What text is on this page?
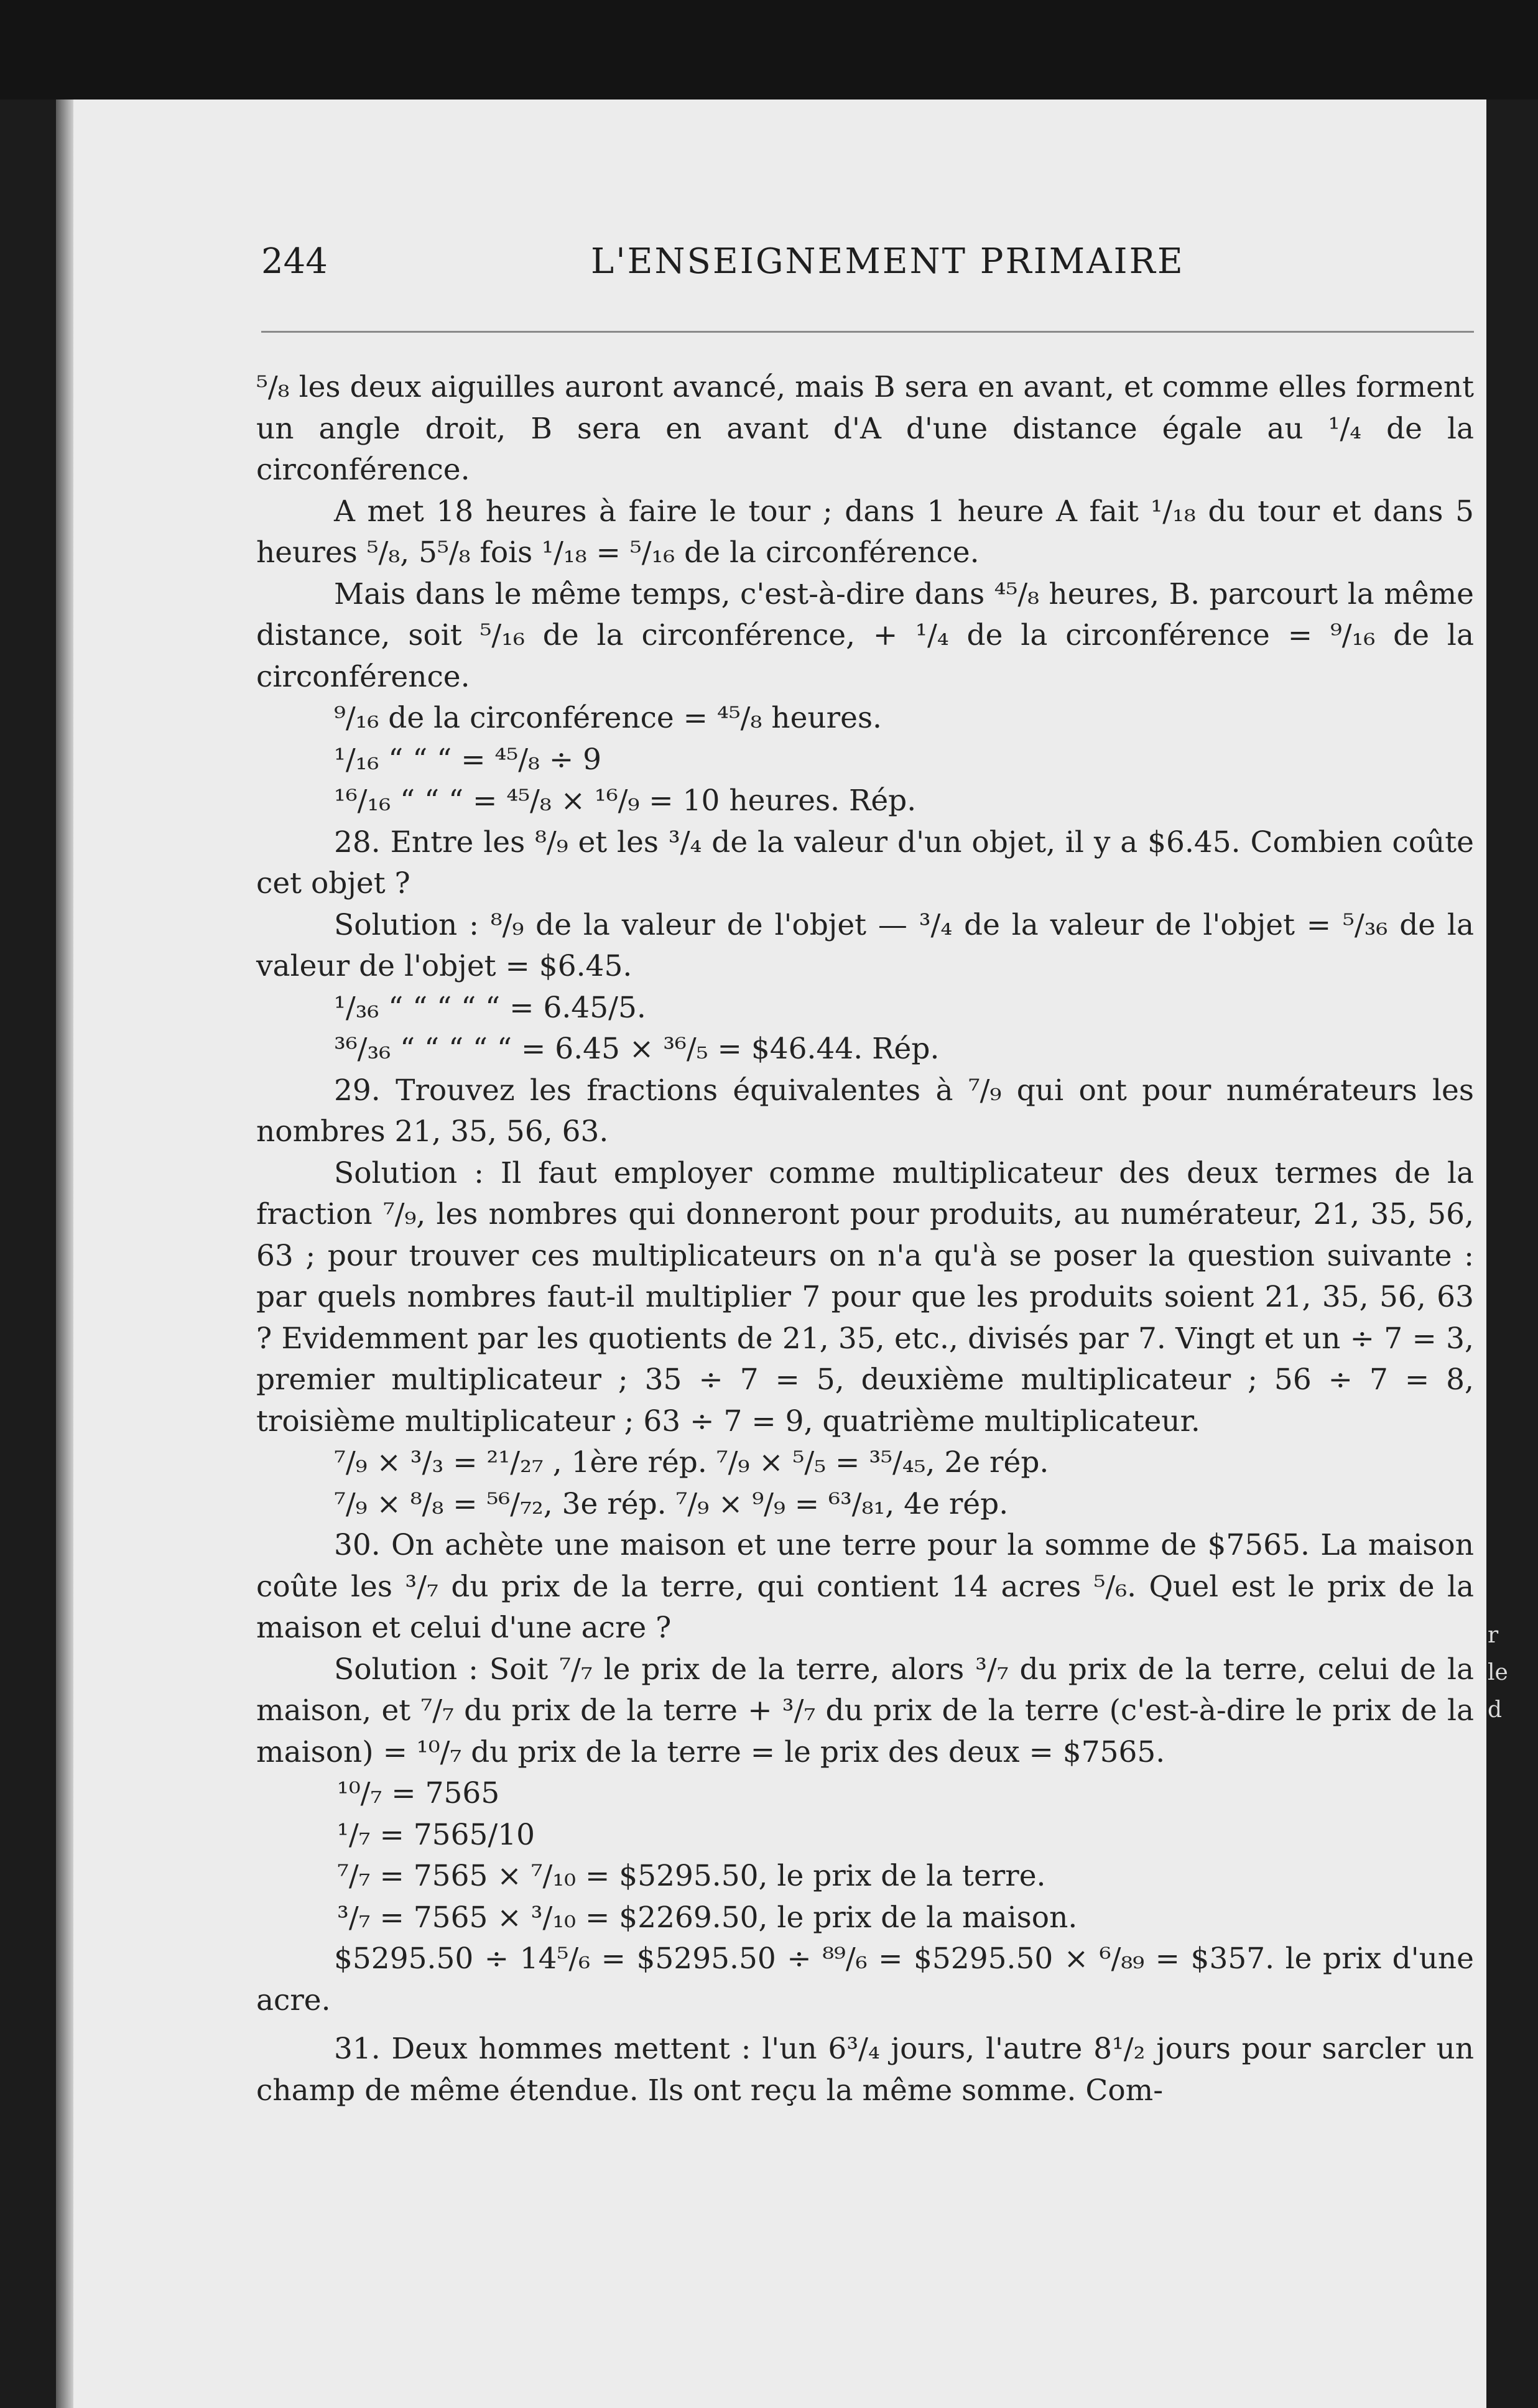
244	L'ENSEIGNEMENT PRIMAIRE

⁵/₈ les deux aiguilles auront avancé, mais B sera en avant, et comme elles forment un angle droit, B sera en avant d'A d'une distance égale au ¹/₄ de la circonférence.

A met 18 heures à faire le tour ; dans 1 heure A fait ¹/₁₈ du tour et dans 5 heures ⁵/₈, 5⁵/₈ fois ¹/₁₈ = ⁵/₁₆ de la circonférence.

Mais dans le même temps, c'est-à-dire dans ⁴⁵/₈ heures, B. parcourt la même distance, soit ⁵/₁₆ de la circonférence, + ¹/₄ de la circonférence = ⁹/₁₆ de la circonférence.

⁹/₁₆ de la circonférence = ⁴⁵/₈ heures.

¹/₁₆ “ “ “ = ⁴⁵/₈ ÷ 9

¹⁶/₁₆ “ “ “ = ⁴⁵/₈ × ¹⁶/₉ = 10 heures. Rép.

28. Entre les ⁸/₉ et les ³/₄ de la valeur d'un objet, il y a $6.45. Combien coûte cet objet ?

Solution : ⁸/₉ de la valeur de l'objet — ³/₄ de la valeur de l'objet = ⁵/₃₆ de la valeur de l'objet = $6.45.

¹/₃₆ “ “ “ “ “ = 6.45/5.

³⁶/₃₆ “ “ “ “ “ = 6.45 × ³⁶/₅ = $46.44. Rép.

29. Trouvez les fractions équivalentes à ⁷/₉ qui ont pour numérateurs les nombres 21, 35, 56, 63.

Solution : Il faut employer comme multiplicateur des deux termes de la fraction ⁷/₉, les nombres qui donneront pour produits, au numérateur, 21, 35, 56, 63 ; pour trouver ces multiplicateurs on n'a qu'à se poser la question suivante : par quels nombres faut-il multiplier 7 pour que les produits soient 21, 35, 56, 63 ? Evidemment par les quotients de 21, 35, etc., divisés par 7. Vingt et un ÷ 7 = 3, premier multiplicateur ; 35 ÷ 7 = 5, deuxième multiplicateur ; 56 ÷ 7 = 8, troisième multiplicateur ; 63 ÷ 7 = 9, quatrième multiplicateur.

⁷/₉ × ³/₃ = ²¹/₂₇ , 1ère rép. ⁷/₉ × ⁵/₅ = ³⁵/₄₅, 2e rép.

⁷/₉ × ⁸/₈ = ⁵⁶/₇₂, 3e rép. ⁷/₉ × ⁹/₉ = ⁶³/₈₁, 4e rép.

30. On achète une maison et une terre pour la somme de $7565. La maison coûte les ³/₇ du prix de la terre, qui contient 14 acres ⁵/₆. Quel est le prix de la maison et celui d'une acre ?

Solution : Soit ⁷/₇ le prix de la terre, alors ³/₇ du prix de la terre, celui de la maison, et ⁷/₇ du prix de la terre + ³/₇ du prix de la terre (c'est-à-dire le prix de la maison) = ¹⁰/₇ du prix de la terre = le prix des deux = $7565.

¹⁰/₇ = 7565

¹/₇ = 7565/10

⁷/₇ = 7565 × ⁷/₁₀ = $5295.50, le prix de la terre.

³/₇ = 7565 × ³/₁₀ = $2269.50, le prix de la maison.

$5295.50 ÷ 14⁵/₆ = $5295.50 ÷ ⁸⁹/₆ = $5295.50 × ⁶/₈₉ = $357. le prix d'une acre.

31. Deux hommes mettent : l'un 6³/₄ jours, l'autre 8¹/₂ jours pour sarcler un champ de même étendue. Ils ont reçu la même somme. Com-

r
le
d
